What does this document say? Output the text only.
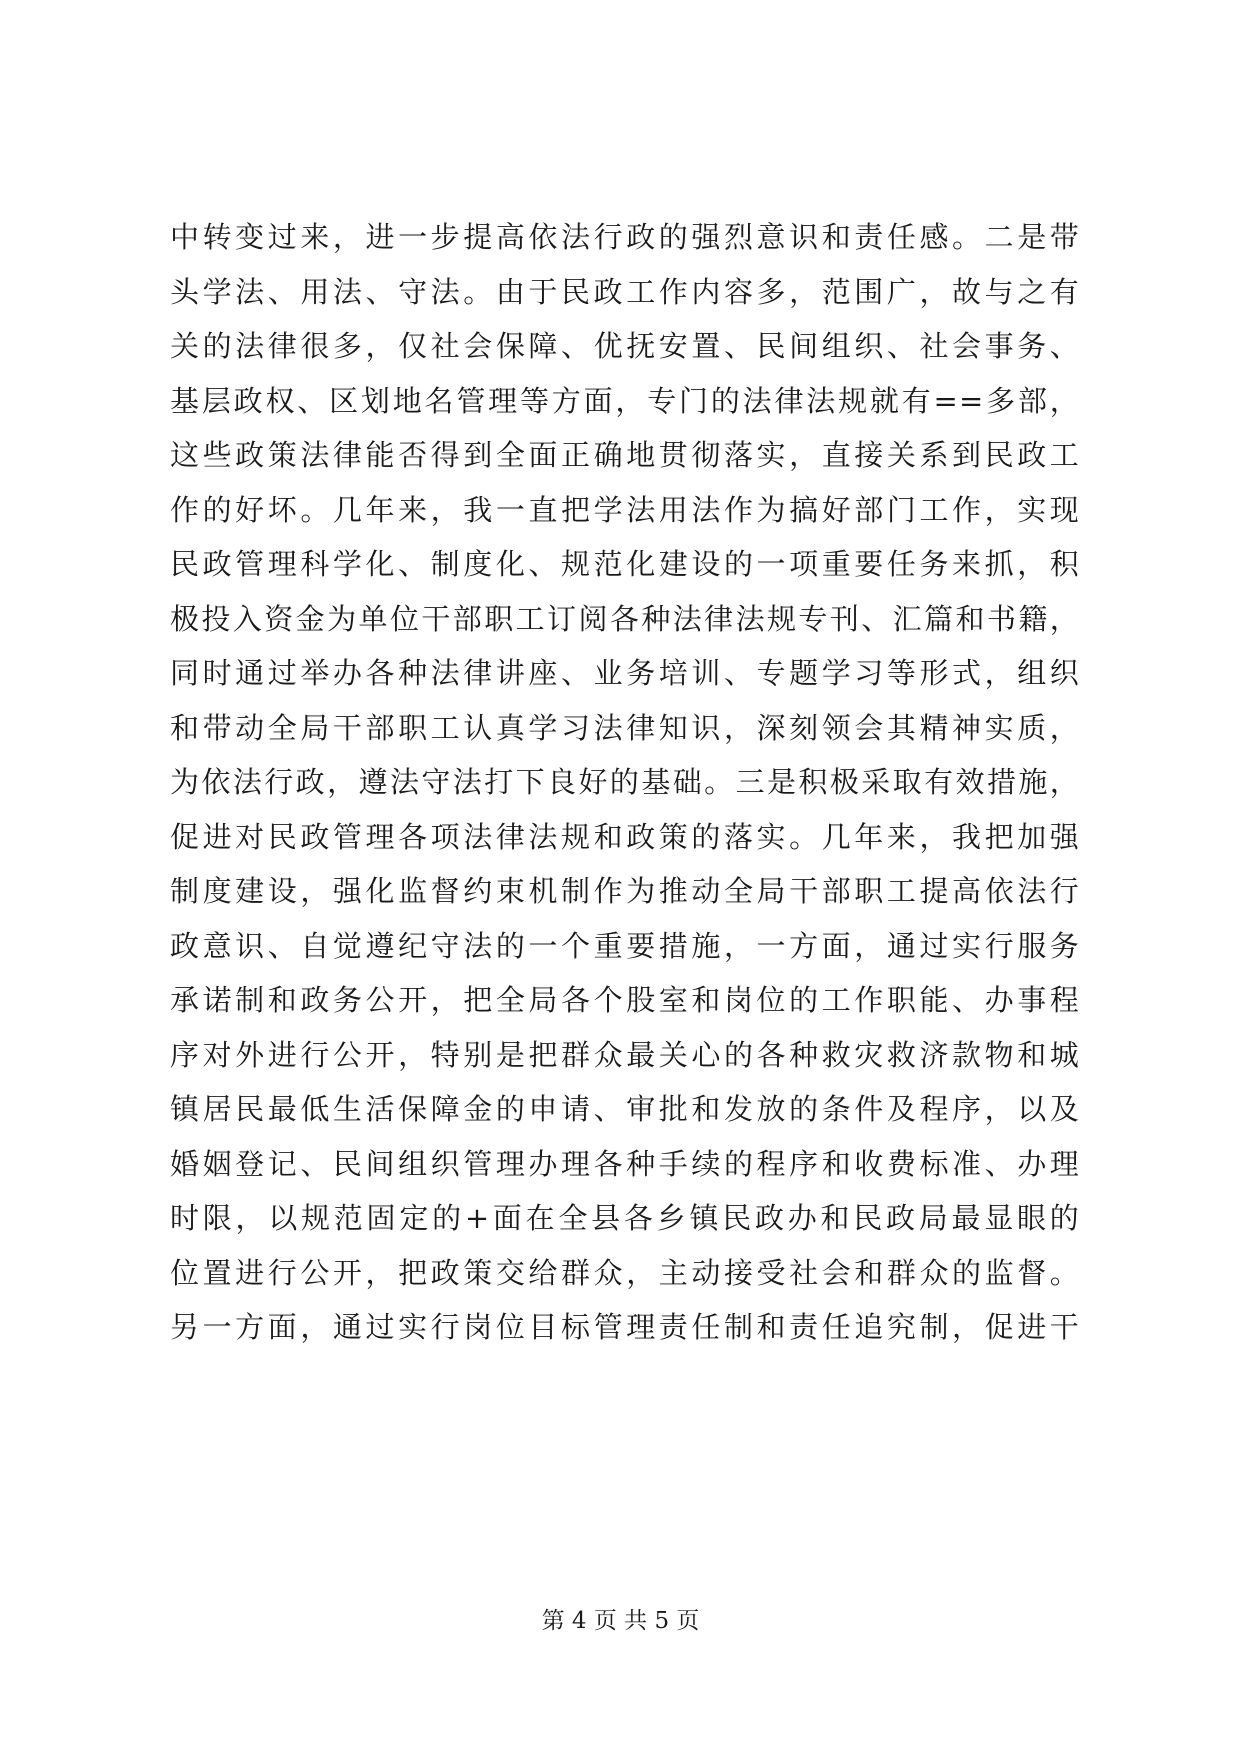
中转变过来，进一步提高依法行政的强烈意识和责任感。二是带
头学法、用法、守法。由于民政工作内容多，范围广，故与之有
关的法律很多，仅社会保障、优抚安置、民间组织、社会事务、
基层政权、区划地名管理等方面，专门的法律法规就有==多部，
这些政策法律能否得到全面正确地贯彻落实，直接关系到民政工
作的好坏。几年来，我一直把学法用法作为搞好部门工作，实现
民政管理科学化、制度化、规范化建设的一项重要任务来抓，积
极投入资金为单位干部职工订阅各种法律法规专刊、汇篇和书籍，
同时通过举办各种法律讲座、业务培训、专题学习等形式，组织
和带动全局干部职工认真学习法律知识，深刻领会其精神实质，
为依法行政，遵法守法打下良好的基础。三是积极采取有效措施，
促进对民政管理各项法律法规和政策的落实。几年来，我把加强
制度建设，强化监督约束机制作为推动全局干部职工提高依法行
政意识、自觉遵纪守法的一个重要措施，一方面，通过实行服务
承诺制和政务公开，把全局各个股室和岗位的工作职能、办事程
序对外进行公开，特别是把群众最关心的各种救灾救济款物和城
镇居民最低生活保障金的申请、审批和发放的条件及程序，以及
婚姻登记、民间组织管理办理各种手续的程序和收费标准、办理
时限，以规范固定的+面在全县各乡镇民政办和民政局最显眼的
位置进行公开，把政策交给群众，主动接受社会和群众的监督。
另一方面，通过实行岗位目标管理责任制和责任追究制，促进干
第 4 页 共 5 页
